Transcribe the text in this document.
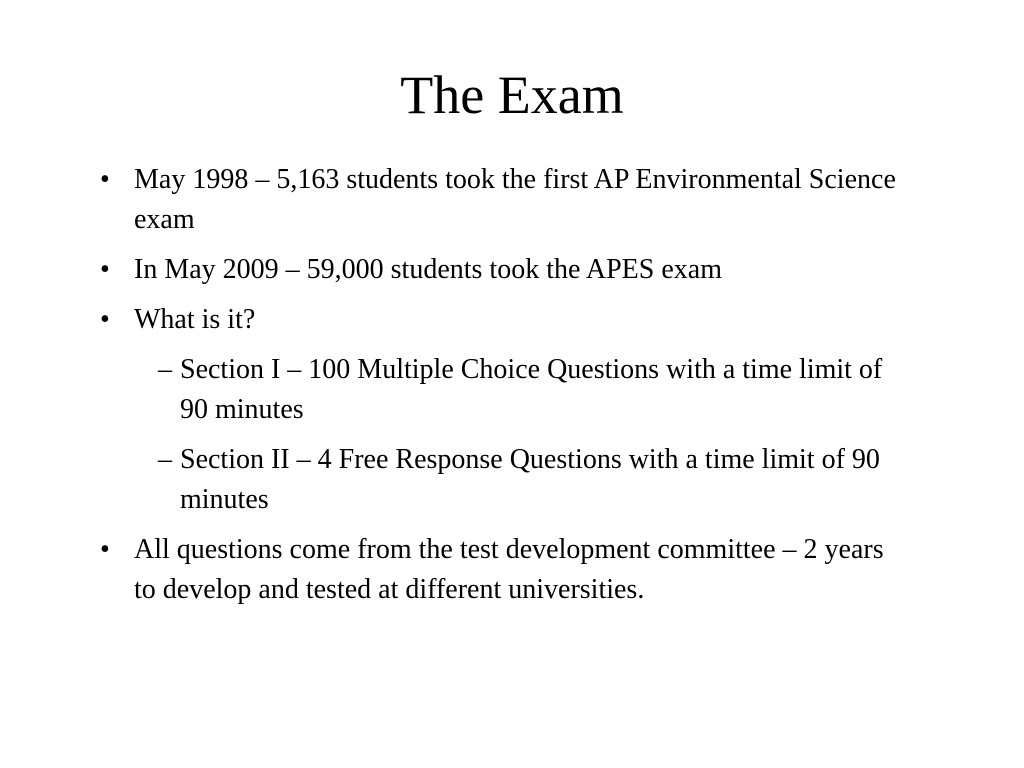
The Exam
• May 1998 – 5,163 students took the first AP Environmental Science exam
• In May 2009 – 59,000 students took the APES exam
• What is it?
– Section I – 100 Multiple Choice Questions with a time limit of 90 minutes
– Section II – 4 Free Response Questions with a time limit of 90 minutes
• All questions come from the test development committee – 2 years to develop and tested at different universities.
